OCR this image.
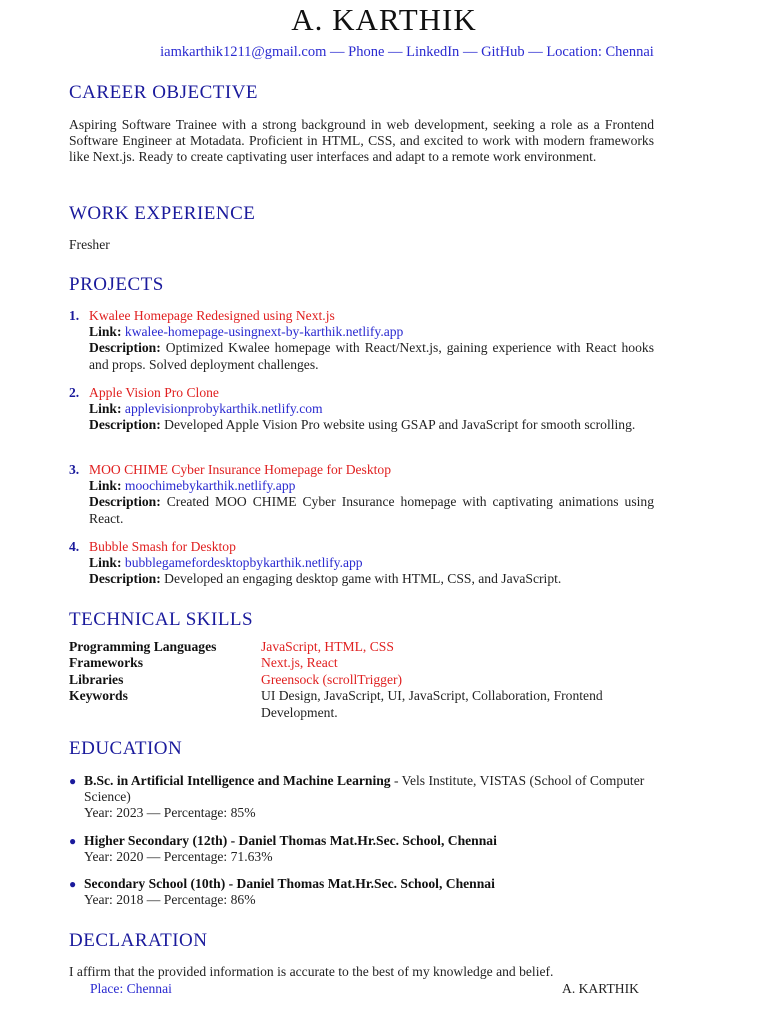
A. KARTHIK
iamkarthik1211@gmail.com — Phone — LinkedIn — GitHub — Location: Chennai
CAREER OBJECTIVE
Aspiring Software Trainee with a strong background in web development, seeking a role as a Frontend Software Engineer at Motadata. Proficient in HTML, CSS, and excited to work with modern frameworks like Next.js. Ready to create captivating user interfaces and adapt to a remote work environment.
WORK EXPERIENCE
Fresher
PROJECTS
1. Kwalee Homepage Redesigned using Next.js
Link: kwalee-homepage-usingnext-by-karthik.netlify.app
Description: Optimized Kwalee homepage with React/Next.js, gaining experience with React hooks and props. Solved deployment challenges.
2. Apple Vision Pro Clone
Link: applevisionprobykarthik.netlify.com
Description: Developed Apple Vision Pro website using GSAP and JavaScript for smooth scrolling.
3. MOO CHIME Cyber Insurance Homepage for Desktop
Link: moochimebykarthik.netlify.app
Description: Created MOO CHIME Cyber Insurance homepage with captivating animations using React.
4. Bubble Smash for Desktop
Link: bubblegamefordesktopbykarthik.netlify.app
Description: Developed an engaging desktop game with HTML, CSS, and JavaScript.
TECHNICAL SKILLS
Programming Languages	JavaScript, HTML, CSS
Frameworks	Next.js, React
Libraries	Greensock (scrollTrigger)
Keywords	UI Design, JavaScript, UI, JavaScript, Collaboration, Frontend Development.
EDUCATION
● B.Sc. in Artificial Intelligence and Machine Learning - Vels Institute, VISTAS (School of Computer Science)
Year: 2023 — Percentage: 85%
● Higher Secondary (12th) - Daniel Thomas Mat.Hr.Sec. School, Chennai
Year: 2020 — Percentage: 71.63%
● Secondary School (10th) - Daniel Thomas Mat.Hr.Sec. School, Chennai
Year: 2018 — Percentage: 86%
DECLARATION
I affirm that the provided information is accurate to the best of my knowledge and belief.
Place: Chennai	A. KARTHIK
